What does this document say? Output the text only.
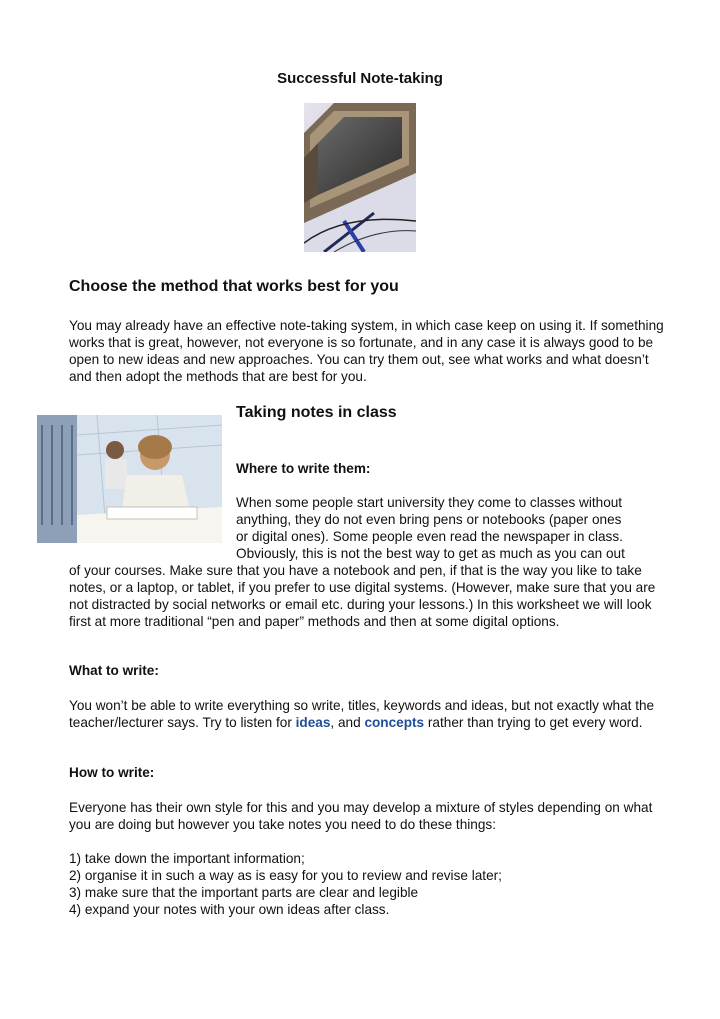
Successful Note-taking
Choose the method that works best for you

You may already have an effective note-taking system, in which case keep on using it. If something works that is great, however, not everyone is so fortunate, and in any case it is always good to be open to new ideas and new approaches. You can try them out, see what works and what doesn’t and then adopt the methods that are best for you.

Taking notes in class
Where to write them:

When some people start university they come to classes without

anything, they do not even bring pens or notebooks (paper ones

or digital ones). Some people even read the newspaper in class.

Obviously, this is not the best way to get as much as you can out

of your courses. Make sure that you have a notebook and pen, if that is the way you like to take notes, or a laptop, or tablet, if you prefer to use digital systems. (However, make sure that you are not distracted by social networks or email etc. during your lessons.) In this worksheet we will look first at more traditional “pen and paper” methods and then at some digital options.

What to write:

You won’t be able to write everything so write, titles, keywords and ideas, but not exactly what the teacher/lecturer says. Try to listen for ideas, and concepts rather than trying to get every word.

How to write:

Everyone has their own style for this and you may develop a mixture of styles depending on what you are doing but however you take notes you need to do these things:

1) take down the important information;
2) organise it in such a way as is easy for you to review and revise later;
3) make sure that the important parts are clear and legible
4) expand your notes with your own ideas after class.
